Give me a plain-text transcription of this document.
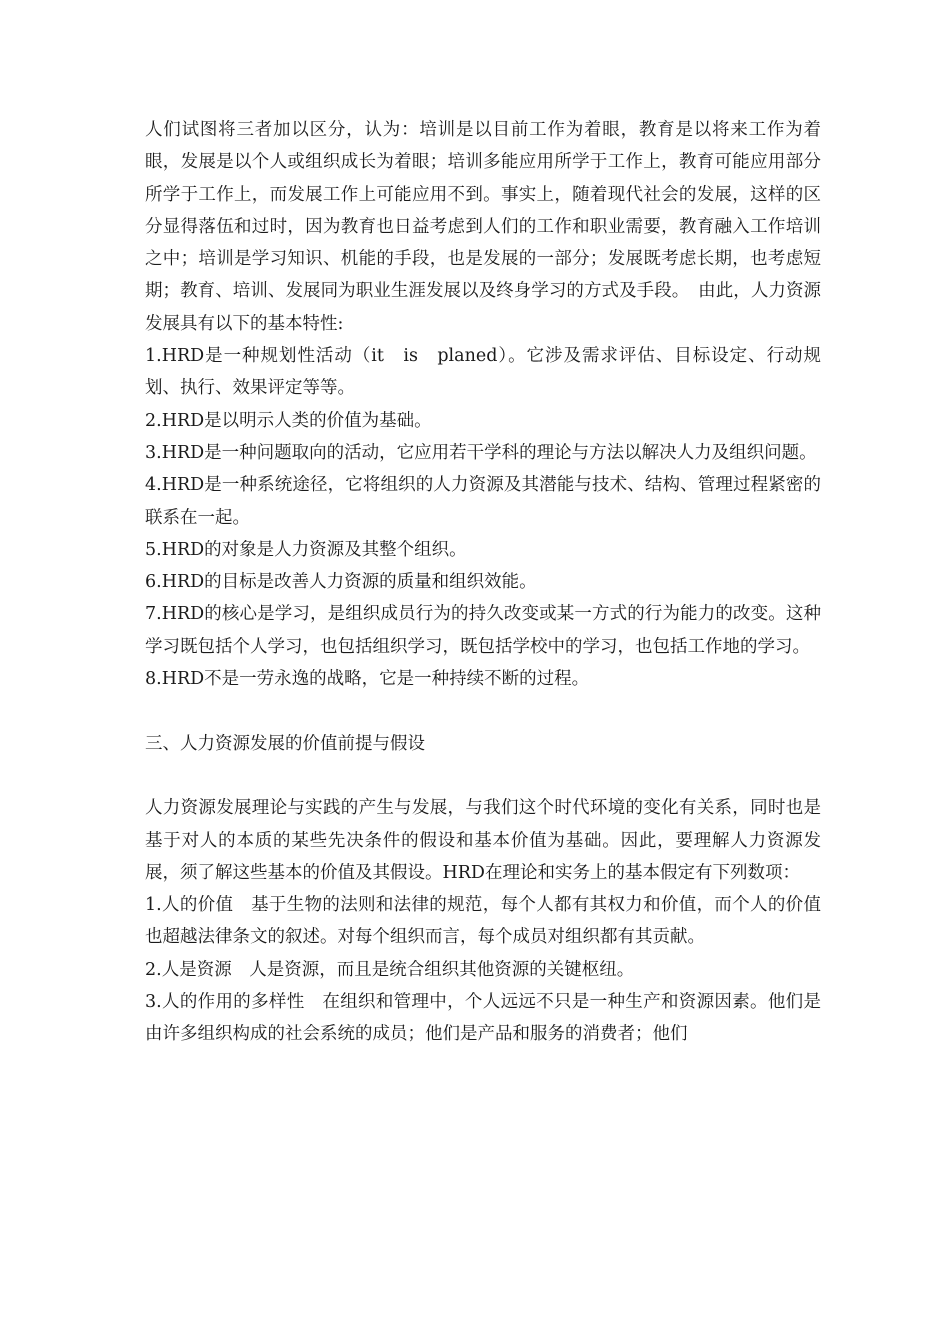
人们试图将三者加以区分，认为：培训是以目前工作为着眼，教育是以将来工作为着眼，发展是以个人或组织成长为着眼；培训多能应用所学于工作上，教育可能应用部分所学于工作上，而发展工作上可能应用不到。事实上，随着现代社会的发展，这样的区分显得落伍和过时，因为教育也日益考虑到人们的工作和职业需要，教育融入工作培训之中；培训是学习知识、机能的手段，也是发展的一部分；发展既考虑长期，也考虑短期；教育、培训、发展同为职业生涯发展以及终身学习的方式及手段。　由此，人力资源发展具有以下的基本特性:

1.HRD是一种规划性活动（it　is　planed）。它涉及需求评估、目标设定、行动规划、执行、效果评定等等。

2.HRD是以明示人类的价值为基础。

3.HRD是一种问题取向的活动，它应用若干学科的理论与方法以解决人力及组织问题。

4.HRD是一种系统途径，它将组织的人力资源及其潜能与技术、结构、管理过程紧密的联系在一起。

5.HRD的对象是人力资源及其整个组织。

6.HRD的目标是改善人力资源的质量和组织效能。

7.HRD的核心是学习，是组织成员行为的持久改变或某一方式的行为能力的改变。这种学习既包括个人学习，也包括组织学习，既包括学校中的学习，也包括工作地的学习。

8.HRD不是一劳永逸的战略，它是一种持续不断的过程。

三、人力资源发展的价值前提与假设

人力资源发展理论与实践的产生与发展，与我们这个时代环境的变化有关系，同时也是基于对人的本质的某些先决条件的假设和基本价值为基础。因此，要理解人力资源发展，须了解这些基本的价值及其假设。HRD在理论和实务上的基本假定有下列数项：

1.人的价值　基于生物的法则和法律的规范，每个人都有其权力和价值，而个人的价值也超越法律条文的叙述。对每个组织而言，每个成员对组织都有其贡献。

2.人是资源　人是资源，而且是统合组织其他资源的关键枢纽。

3.人的作用的多样性　在组织和管理中，个人远远不只是一种生产和资源因素。他们是由许多组织构成的社会系统的成员；他们是产品和服务的消费者；他们
